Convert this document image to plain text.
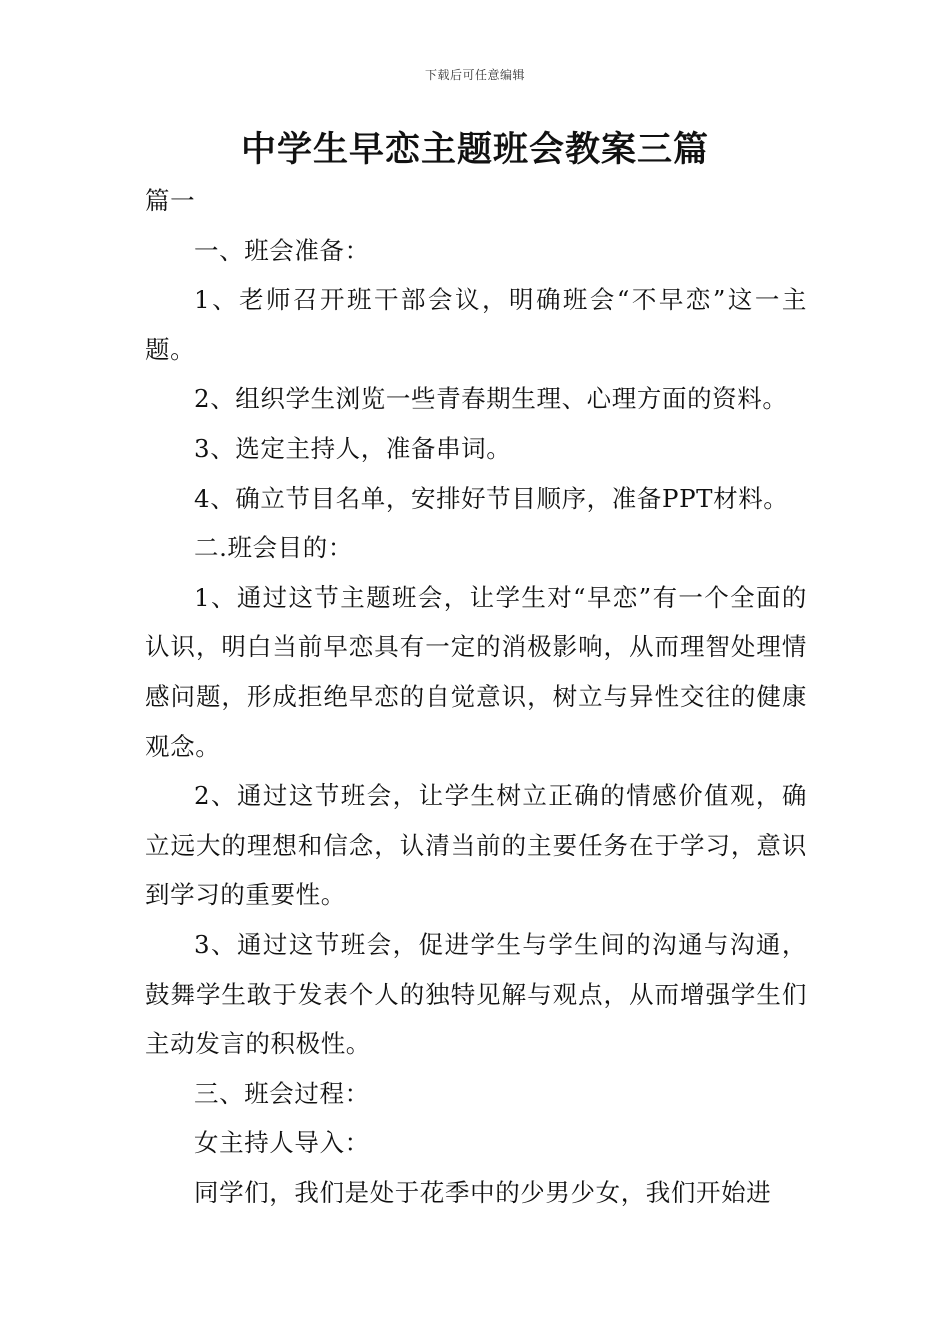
下载后可任意编辑
中学生早恋主题班会教案三篇

篇一

一、班会准备：

1、老师召开班干部会议，明确班会“不早恋”这一主题。

2、组织学生浏览一些青春期生理、心理方面的资料。

3、选定主持人，准备串词。

4、确立节目名单，安排好节目顺序，准备PPT材料。

二.班会目的：

1、通过这节主题班会，让学生对“早恋”有一个全面的认识，明白当前早恋具有一定的消极影响，从而理智处理情感问题，形成拒绝早恋的自觉意识，树立与异性交往的健康观念。

2、通过这节班会，让学生树立正确的情感价值观，确立远大的理想和信念，认清当前的主要任务在于学习，意识到学习的重要性。

3、通过这节班会，促进学生与学生间的沟通与沟通，鼓舞学生敢于发表个人的独特见解与观点，从而增强学生们主动发言的积极性。

三、班会过程：

女主持人导入：

同学们，我们是处于花季中的少男少女，我们开始进
